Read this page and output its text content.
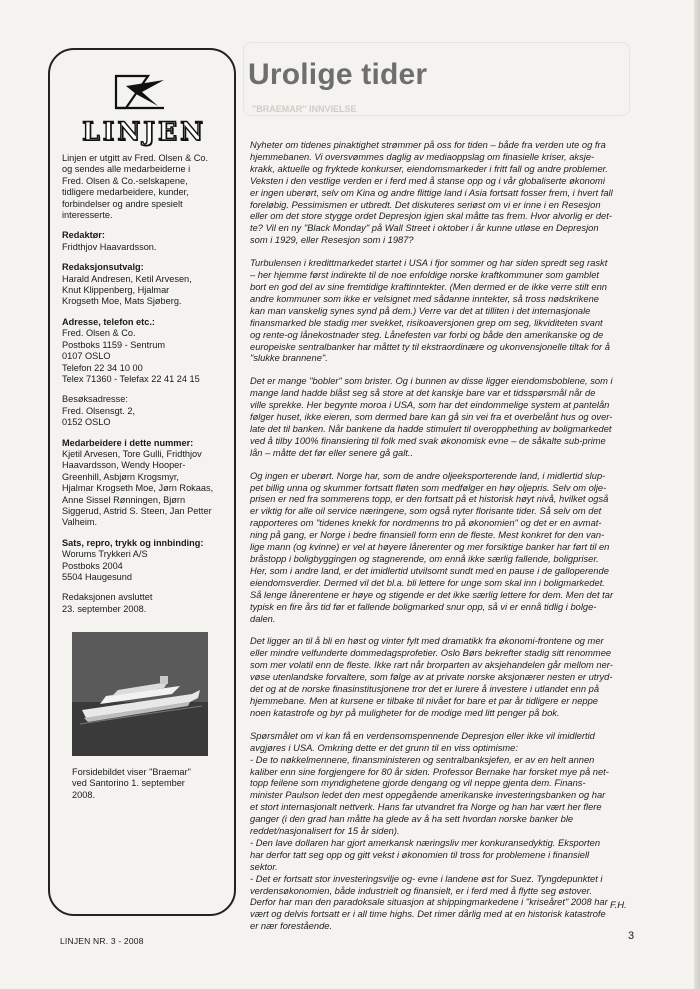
"BRAEMAR" INNVIELSE
LINJEN

Linjen er utgitt av Fred. Olsen & Co.
og sendes alle medarbeiderne i
Fred. Olsen & Co.-selskapene,
tidligere medarbeidere, kunder,
forbindelser og andre spesielt
interesserte.

Redaktør:
Fridthjov Haavardsson.

Redaksjonsutvalg:
Harald Andresen, Ketil Arvesen,
Knut Klippenberg, Hjalmar
Krogseth Moe, Mats Sjøberg.

Adresse, telefon etc.:
Fred. Olsen & Co.
Postboks 1159 - Sentrum
0107 OSLO
Telefon 22 34 10 00
Telex 71360 - Telefax 22 41 24 15

Besøksadresse:
Fred. Olsensgt. 2,
0152 OSLO

Medarbeidere i dette nummer:
Kjetil Arvesen, Tore Gulli, Fridthjov
Haavardsson, Wendy Hooper-
Greenhill, Asbjørn Krogsmyr,
Hjalmar Krogseth Moe, Jørn Rokaas,
Anne Sissel Rønningen, Bjørn
Siggerud, Astrid S. Steen, Jan Petter
Valheim.

Sats, repro, trykk og innbinding:
Worums Trykkeri A/S
Postboks 2004
5504 Haugesund

Redaksjonen avsluttet
23. september 2008.

Forsidebildet viser "Braemar"
ved Santorino 1. september
2008.
Urolige tider
Nyheter om tidenes pinaktighet strømmer på oss for tiden – både fra verden ute og fra
hjemmebanen. Vi oversvømmes daglig av mediaoppslag om finasielle kriser, aksje-
krakk, aktuelle og fryktede konkurser, eiendomsmarkeder i fritt fall og andre problemer.
Veksten i den vestlige verden er i ferd med å stanse opp og i vår globaliserte økonomi
er ingen uberørt, selv om Kina og andre flittige land i Asia fortsatt fosser frem, i hvert fall
foreløbig. Pessimismen er utbredt. Det diskuteres seriøst om vi er inne i en Resesjon
eller om det store stygge ordet Depresjon igjen skal måtte tas frem. Hvor alvorlig er det-
te? Vil en ny "Black Monday" på Wall Street i oktober i år kunne utløse en Depresjon
som i 1929, eller Resesjon som i 1987?
Turbulensen i kredittmarkedet startet i USA i fjor sommer og har siden spredt seg raskt
– her hjemme først indirekte til de noe enfoldige norske kraftkommuner som gamblet
bort en god del av sine fremtidige kraftinntekter. (Men dermed er de ikke verre stilt enn
andre kommuner som ikke er velsignet med sådanne inntekter, så tross nødskrikene
kan man vanskelig synes synd på dem.) Verre var det at tilliten i det internasjonale
finansmarked ble stadig mer svekket, risikoaversjonen grep om seg, likviditeten svant
og rente-og lånekostnader steg. Lånefesten var forbi og både den amerikanske og de
europeiske sentralbanker har måttet ty til ekstraordinære og ukonvensjonelle tiltak for å
"slukke brannene".
Det er mange "bobler" som brister. Og i bunnen av disse ligger eiendomsboblene, som i
mange land hadde blåst seg så store at det kanskje bare var et tidsspørsmål når de
ville sprekke. Her begynte moroa i USA, som har det eindommelige system at pantelån
følger huset, ikke eieren, som dermed bare kan gå sin vei fra et overbelånt hus og over-
late det til banken. Når bankene da hadde stimulert til overopphething av boligmarkedet
ved å tilby 100% finansiering til folk med svak økonomisk evne – de såkalte sub-prime
lån – måtte det før eller senere gå galt..
Og ingen er uberørt. Norge har, som de andre oljeeksporterende land, i midlertid slup-
pet billig unna og skummer fortsatt fløten som medfølger en høy oljepris. Selv om olje-
prisen er ned fra sommerens topp, er den fortsatt på et historisk høyt nivå, hvilket også
er viktig for alle oil service næringene, som også nyter florisante tider. Så selv om det
rapporteres om "tidenes knekk for nordmenns tro på økonomien" og det er en avmat-
ning på gang, er Norge i bedre finansiell form enn de fleste. Mest konkret for den van-
lige mann (og kvinne) er vel at høyere lånerenter og mer forsiktige banker har ført til en
bråstopp i boligbyggingen og stagnerende, om ennå ikke særlig fallende, boligpriser.
Her, som i andre land, er det imidlertid utvilsomt sundt med en pause i de galloperende
eiendomsverdier. Dermed vil det bl.a. bli lettere for unge som skal inn i boligmarkedet.
Så lenge lånerentene er høye og stigende er det ikke særlig lettere for dem. Men det tar
typisk en fire års tid før et fallende boligmarked snur opp, så vi er ennå tidlig i bolgе-
dalen.
Det ligger an til å bli en høst og vinter fylt med dramatikk fra økonomi-frontene og mer
eller mindre velfunderte dommedagsprofetier. Oslo Børs bekrefter stadig sitt renommee
som mer volatil enn de fleste. Ikke rart når brorparten av aksjehandelen går mellom ner-
vøse utenlandske forvaltere, som følge av at private norske aksjonærer nesten er utryd-
det og at de norske finasinstitusjonene tror det er lurere å investere i utlandet enn på
hjemmebane. Men at kursene er tilbake til nivået for bare et par år tidligere er neppe
noen katastrofe og byr på muligheter for de modige med litt penger på bok.
Spørsmålet om vi kan få en verdensomspennende Depresjon eller ikke vil imidlertid
avgjøres i USA. Omkring dette er det grunn til en viss optimisme:
- De to nøkkelmennene, finansministeren og sentralbanksjefen, er av en helt annen
kaliber enn sine forgjengere for 80 år siden. Professor Bernake har forsket mye på net-
topp feilene som myndighetene gjorde dengang og vil neppe gjenta dem. Finans-
minister Paulson ledet den mest oppegående amerikanske investeringsbanken og har
et stort internasjonalt nettverk. Hans far utvandret fra Norge og han har vært her flere
ganger (i den grad han måtte ha glede av å ha sett hvordan norske banker ble
reddet/nasjonalisert for 15 år siden).
- Den lave dollaren har gjort amerkansk næringsliv mer konkuransedyktig. Eksporten
har derfor tatt seg opp og gitt vekst i økonomien til tross for problemene i finansiell
sektor.
- Det er fortsatt stor investeringsvilje og- evne i landene øst for Suez. Tyngdepunktet i
verdensøkonomien, både industrielt og finansielt, er i ferd med å flytte seg østover.
Derfor har man den paradoksale situasjon at shippingmarkedene i "kriseåret" 2008 har
vært og delvis fortsatt er i all time highs. Det rimer dårlig med at en historisk katastrofe
er nær forestående.
F.H.
LINJEN NR. 3 - 2008	3
